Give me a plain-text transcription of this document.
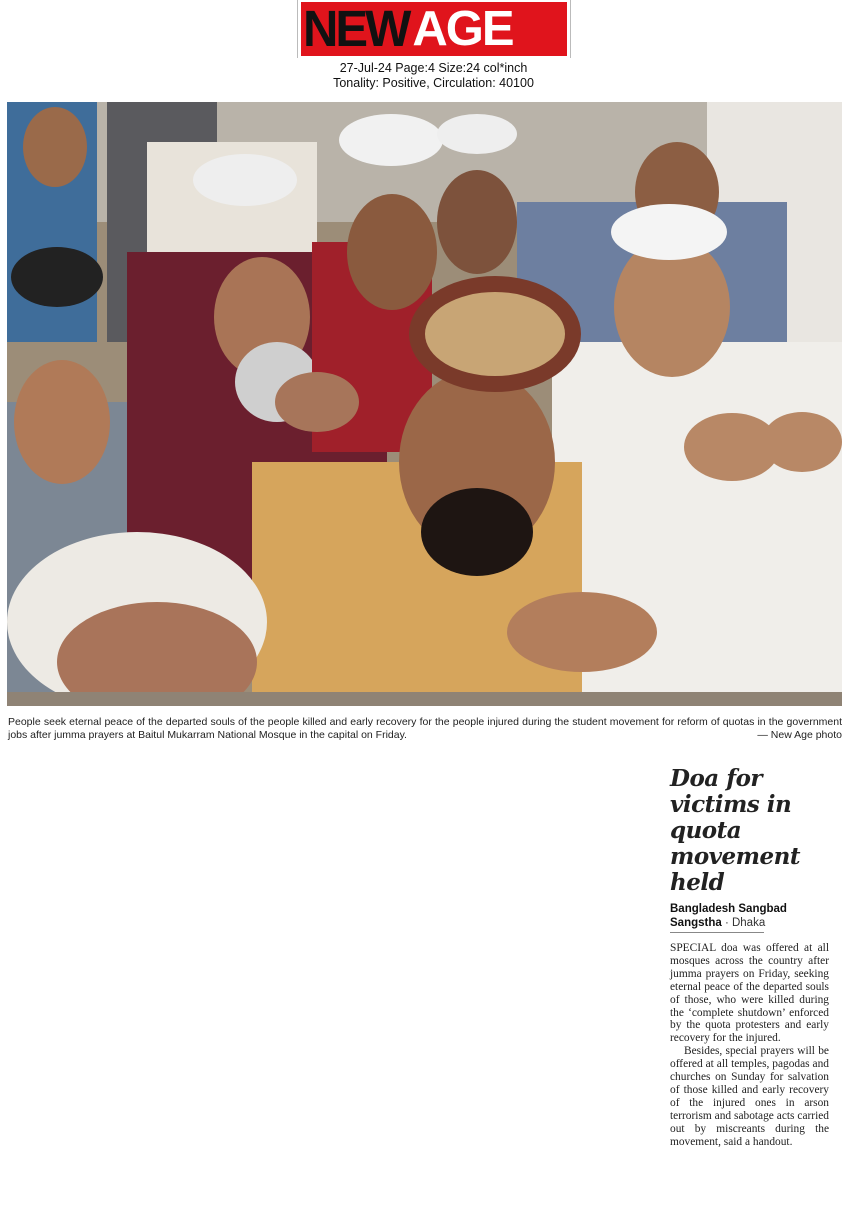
NEW AGE
27-Jul-24 Page:4 Size:24 col*inch
Tonality: Positive, Circulation: 40100
People seek eternal peace of the departed souls of the people killed and early recovery for the people injured during the student movement for reform of quotas in the government jobs after jumma prayers at Baitul Mukarram National Mosque in the capital on Friday.	— New Age photo
Doa for victims in quota movement held
Bangladesh Sangbad Sangstha · Dhaka

SPECIAL doa was offered at all mosques across the country after jumma prayers on Friday, seeking eternal peace of the departed souls of those, who were killed during the ‘complete shutdown’ enforced by the quota protesters and early recovery for the injured.

Besides, special prayers will be offered at all temples, pagodas and churches on Sunday for salvation of those killed and early recovery of the injured ones in arson terrorism and sabotage acts carried out by miscreants during the movement, said a handout.
